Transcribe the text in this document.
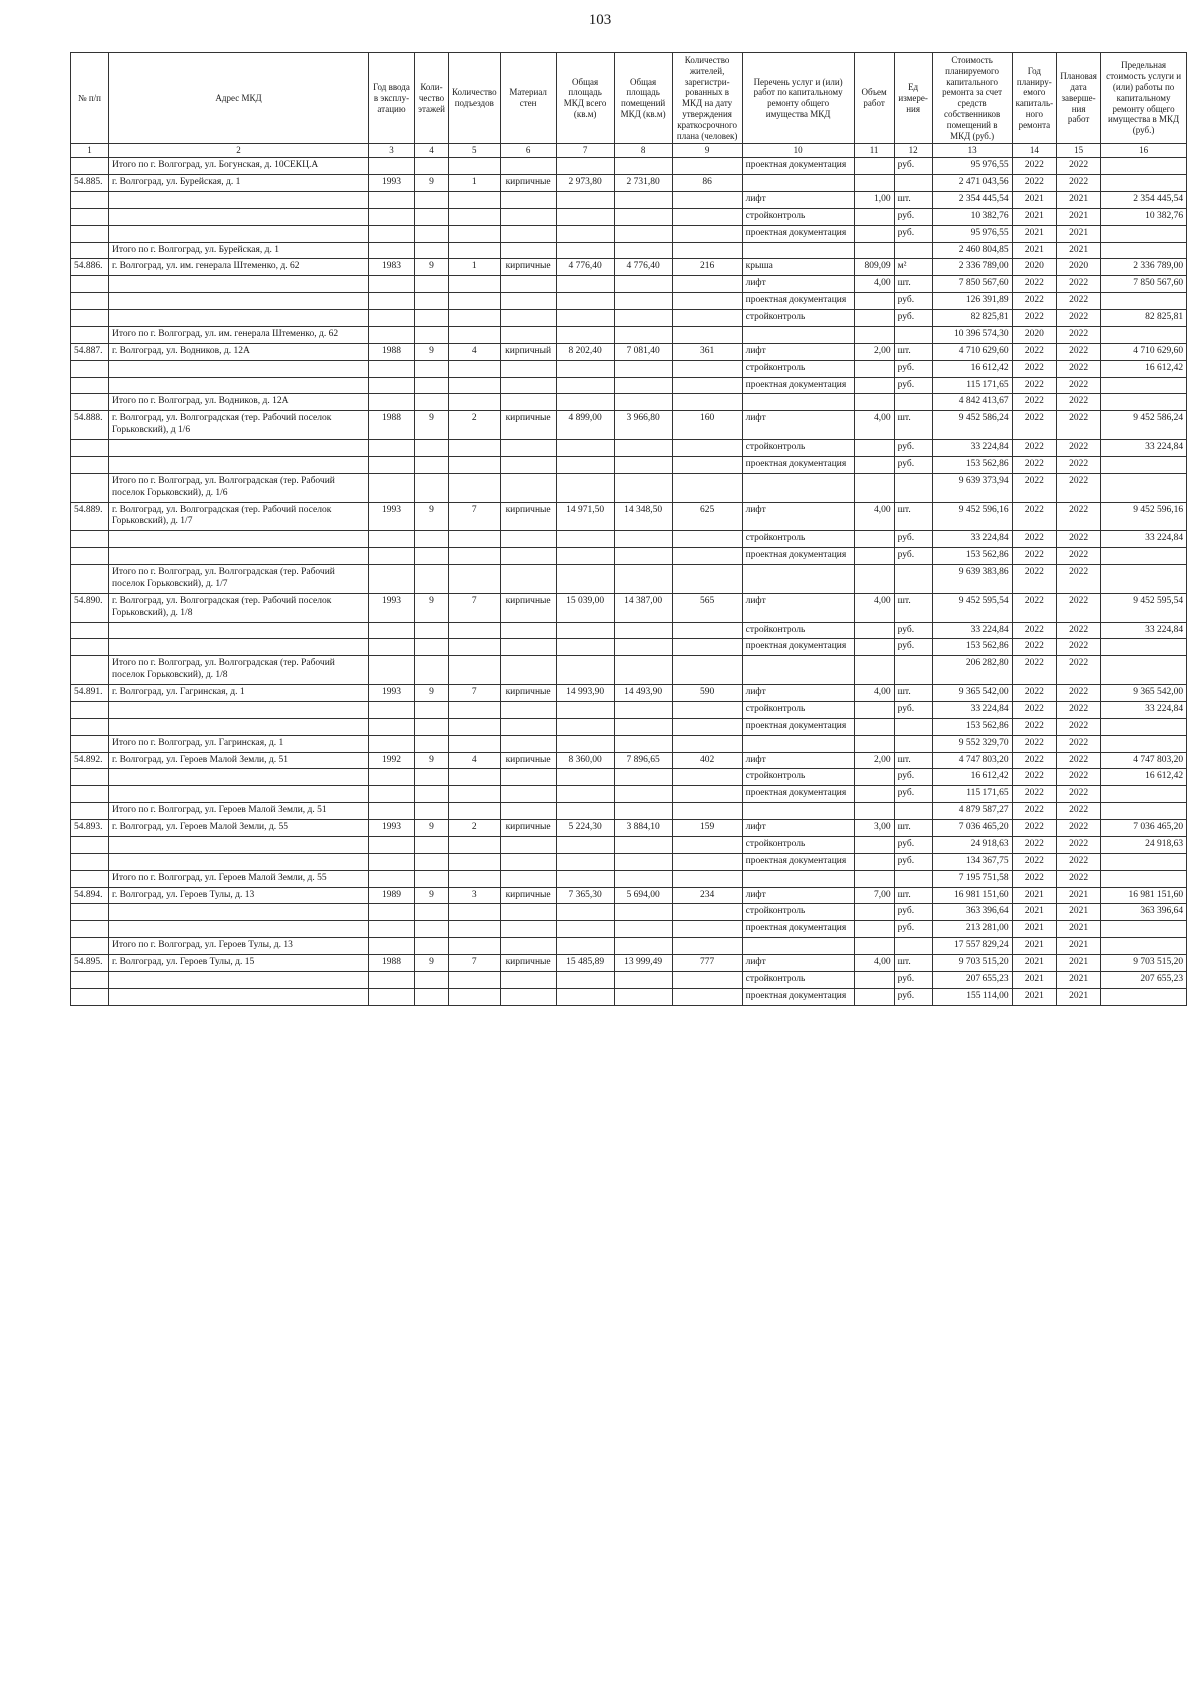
103
№ п/п	Адрес МКД	Год ввода в эксплу- атацию	Коли- чество этажей	Количество подъездов	Материал стен	Общая площадь МКД всего (кв.м)	Общая площадь помещений МКД (кв.м)	Количество жителей, зарегистри- рованных в МКД на дату утверждения краткосрочного плана (человек)	Перечень услуг и (или) работ по капитальному ремонту общего имущества МКД	Объем работ	Ед измере- ния	Стоимость планируемого капитального ремонта за счет средств собственников помещений в МКД (руб.)	Год планиру- емого капиталь- ного ремонта	Плановая дата заверше- ния работ	Предельная стоимость услуги и (или) работы по капитальному ремонту общего имущества в МКД (руб.)
1	2	3	4	5	6	7	8	9	10	11	12	13	14	15	16
	Итого по г. Волгоград, ул. Богунская, д. 10СЕКЦ.А								проектная документация		руб.	95 976,55	2022	2022	
54.885.	г. Волгоград, ул. Бурейская, д. 1	1993	9	1	кирпичные	2 973,80	2 731,80	86				2 471 043,56	2022	2022	
									лифт	1,00	шт.	2 354 445,54	2021	2021	2 354 445,54
									стройконтроль		руб.	10 382,76	2021	2021	10 382,76
									проектная документация		руб.	95 976,55	2021	2021	
	Итого по г. Волгоград, ул. Бурейская, д. 1											2 460 804,85	2021	2021	
54.886.	г. Волгоград, ул. им. генерала Штеменко, д. 62	1983	9	1	кирпичные	4 776,40	4 776,40	216	крыша	809,09	м²	2 336 789,00	2020	2020	2 336 789,00
									лифт	4,00	шт.	7 850 567,60	2022	2022	7 850 567,60
									проектная документация		руб.	126 391,89	2022	2022	
									стройконтроль		руб.	82 825,81	2022	2022	82 825,81
	Итого по г. Волгоград, ул. им. генерала Штеменко, д. 62											10 396 574,30	2020	2022	
54.887.	г. Волгоград, ул. Водников, д. 12А	1988	9	4	кирпичный	8 202,40	7 081,40	361	лифт	2,00	шт.	4 710 629,60	2022	2022	4 710 629,60
									стройконтроль		руб.	16 612,42	2022	2022	16 612,42
									проектная документация		руб.	115 171,65	2022	2022	
	Итого по г. Волгоград, ул. Водников, д. 12А											4 842 413,67	2022	2022	
54.888.	г. Волгоград, ул. Волгоградская (тер. Рабочий поселок Горьковский), д 1/6	1988	9	2	кирпичные	4 899,00	3 966,80	160	лифт	4,00	шт.	9 452 586,24	2022	2022	9 452 586,24
									стройконтроль		руб.	33 224,84	2022	2022	33 224,84
									проектная документация		руб.	153 562,86	2022	2022	
	Итого по г. Волгоград, ул. Волгоградская (тер. Рабочий поселок Горьковский), д. 1/6											9 639 373,94	2022	2022	
54.889.	г. Волгоград, ул. Волгоградская (тер. Рабочий поселок Горьковский), д. 1/7	1993	9	7	кирпичные	14 971,50	14 348,50	625	лифт	4,00	шт.	9 452 596,16	2022	2022	9 452 596,16
									стройконтроль		руб.	33 224,84	2022	2022	33 224,84
									проектная документация		руб.	153 562,86	2022	2022	
	Итого по г. Волгоград, ул. Волгоградская (тер. Рабочий поселок Горьковский), д. 1/7											9 639 383,86	2022	2022	
54.890.	г. Волгоград, ул. Волгоградская (тер. Рабочий поселок Горьковский), д. 1/8	1993	9	7	кирпичные	15 039,00	14 387,00	565	лифт	4,00	шт.	9 452 595,54	2022	2022	9 452 595,54
									стройконтроль		руб.	33 224,84	2022	2022	33 224,84
									проектная документация		руб.	153 562,86	2022	2022	
	Итого по г. Волгоград, ул. Волгоградская (тер. Рабочий поселок Горьковский), д. 1/8											206 282,80	2022	2022	
54.891.	г. Волгоград, ул. Гагринская, д. 1	1993	9	7	кирпичные	14 993,90	14 493,90	590	лифт	4,00	шт.	9 365 542,00	2022	2022	9 365 542,00
									стройконтроль		руб.	33 224,84	2022	2022	33 224,84
									проектная документация			153 562,86	2022	2022	
	Итого по г. Волгоград, ул. Гагринская, д. 1											9 552 329,70	2022	2022	
54.892.	г. Волгоград, ул. Героев Малой Земли, д. 51	1992	9	4	кирпичные	8 360,00	7 896,65	402	лифт	2,00	шт.	4 747 803,20	2022	2022	4 747 803,20
									стройконтроль		руб.	16 612,42	2022	2022	16 612,42
									проектная документация		руб.	115 171,65	2022	2022	
	Итого по г. Волгоград, ул. Героев Малой Земли, д. 51											4 879 587,27	2022	2022	
54.893.	г. Волгоград, ул. Героев Малой Земли, д. 55	1993	9	2	кирпичные	5 224,30	3 884,10	159	лифт	3,00	шт.	7 036 465,20	2022	2022	7 036 465,20
									стройконтроль		руб.	24 918,63	2022	2022	24 918,63
									проектная документация		руб.	134 367,75	2022	2022	
	Итого по г. Волгоград, ул. Героев Малой Земли, д. 55											7 195 751,58	2022	2022	
54.894.	г. Волгоград, ул. Героев Тулы, д. 13	1989	9	3	кирпичные	7 365,30	5 694,00	234	лифт	7,00	шт.	16 981 151,60	2021	2021	16 981 151,60
									стройконтроль		руб.	363 396,64	2021	2021	363 396,64
									проектная документация		руб.	213 281,00	2021	2021	
	Итого по г. Волгоград, ул. Героев Тулы, д. 13											17 557 829,24	2021	2021	
54.895.	г. Волгоград, ул. Героев Тулы, д. 15	1988	9	7	кирпичные	15 485,89	13 999,49	777	лифт	4,00	шт.	9 703 515,20	2021	2021	9 703 515,20
									стройконтроль		руб.	207 655,23	2021	2021	207 655,23
									проектная документация		руб.	155 114,00	2021	2021	
